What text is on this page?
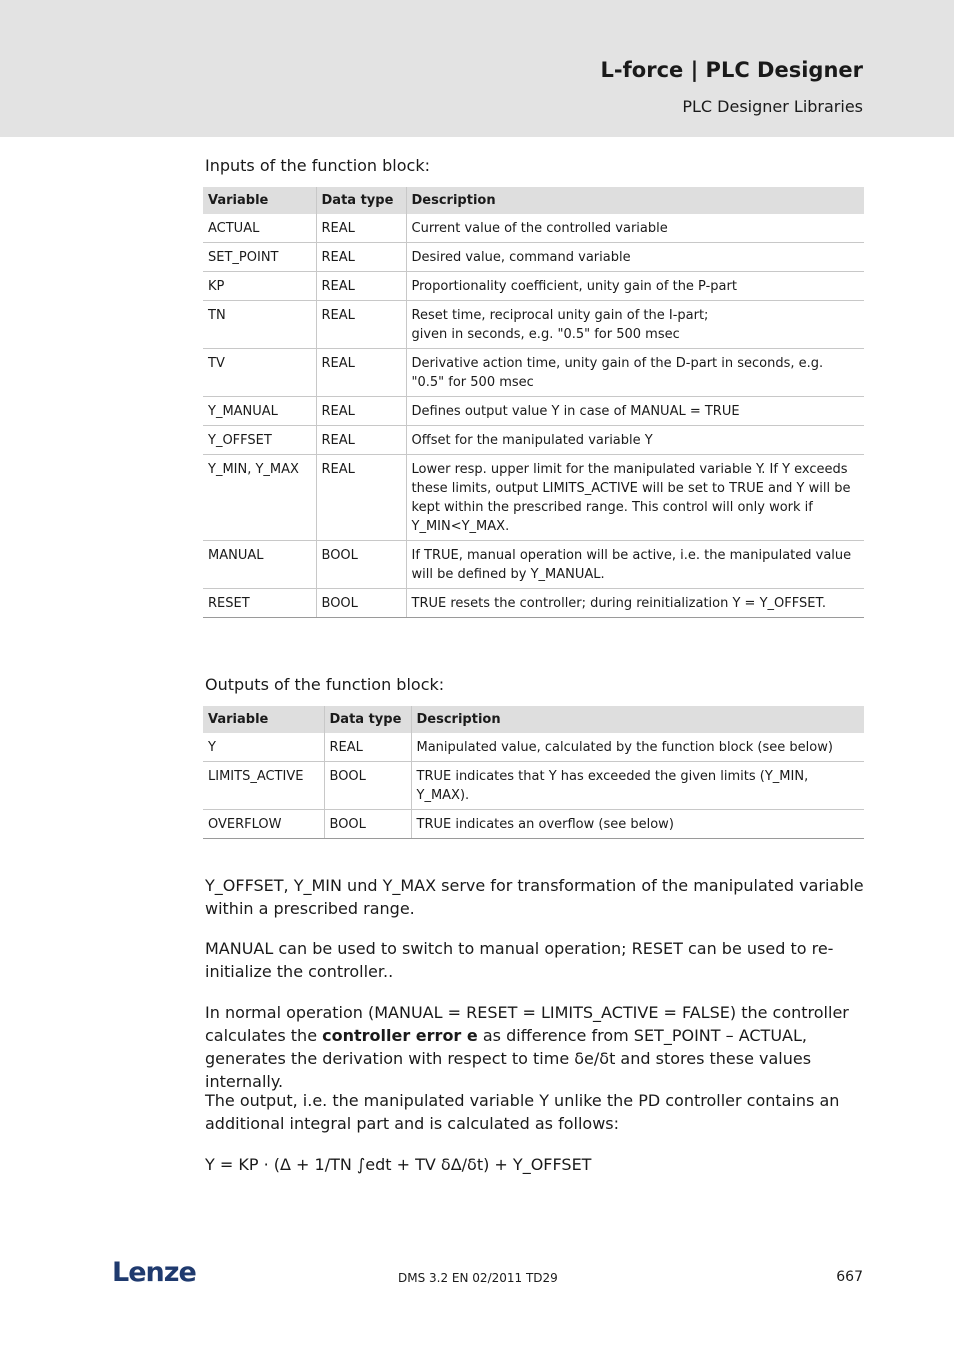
L-force | PLC Designer
PLC Designer Libraries
Inputs of the function block:
Variable	Data type	Description
ACTUAL	REAL	Current value of the controlled variable
SET_POINT	REAL	Desired value, command variable
KP	REAL	Proportionality coefficient, unity gain of the P-part
TN	REAL	Reset time, reciprocal unity gain of the I-part;
given in seconds, e.g. "0.5" for 500 msec
TV	REAL	Derivative action time, unity gain of the D-part in seconds, e.g. "0.5" for 500 msec
Y_MANUAL	REAL	Defines output value Y in case of MANUAL = TRUE
Y_OFFSET	REAL	Offset for the manipulated variable Y
Y_MIN, Y_MAX	REAL	Lower resp. upper limit for the manipulated variable Y. If Y exceeds these limits, output LIMITS_ACTIVE will be set to TRUE and Y will be kept within the prescribed range. This control will only work if Y_MIN<Y_MAX.
MANUAL	BOOL	If TRUE, manual operation will be active, i.e. the manipulated value will be defined by Y_MANUAL.
RESET	BOOL	TRUE resets the controller; during reinitialization Y = Y_OFFSET.
Outputs of the function block:
Variable	Data type	Description
Y	REAL	Manipulated value, calculated by the function block (see below)
LIMITS_ACTIVE	BOOL	TRUE indicates that Y has exceeded the given limits (Y_MIN, Y_MAX).
OVERFLOW	BOOL	TRUE indicates an overflow (see below)
Y_OFFSET, Y_MIN und Y_MAX serve for transformation of the manipulated variable within a prescribed range.
MANUAL can be used to switch to manual operation; RESET can be used to re-initialize the controller..
In normal operation (MANUAL = RESET = LIMITS_ACTIVE = FALSE) the controller calculates the controller error e as difference from SET_POINT – ACTUAL, generates the derivation with respect to time δe/δt and stores these values internally.
The output, i.e. the manipulated variable Y unlike the PD controller contains an additional integral part and is calculated as follows:
Y = KP · (Δ + 1/TN ∫edt + TV δΔ/δt) + Y_OFFSET
Lenze	DMS 3.2 EN 02/2011 TD29	667
